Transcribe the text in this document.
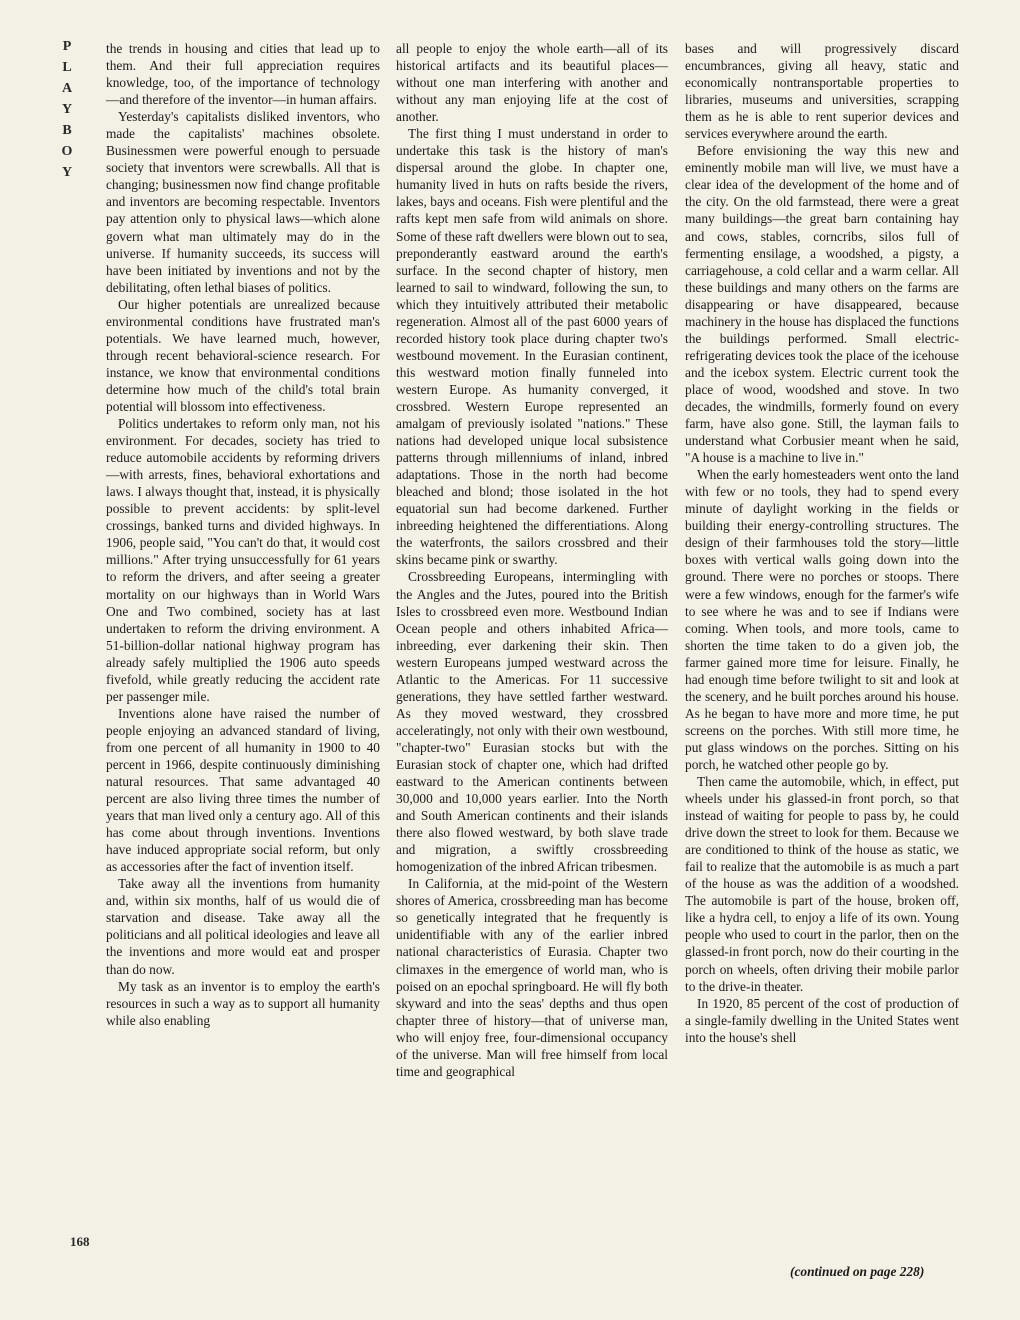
P
L
A
Y
B
O
Y

the trends in housing and cities that lead up to them. And their full appreciation requires knowledge, too, of the importance of technology—and therefore of the inventor—in human affairs.

Yesterday's capitalists disliked inventors, who made the capitalists' machines obsolete. Businessmen were powerful enough to persuade society that inventors were screwballs. All that is changing; businessmen now find change profitable and inventors are becoming respectable. Inventors pay attention only to physical laws—which alone govern what man ultimately may do in the universe. If humanity succeeds, its success will have been initiated by inventions and not by the debilitating, often lethal biases of politics.

Our higher potentials are unrealized because environmental conditions have frustrated man's potentials. We have learned much, however, through recent behavioral-science research. For instance, we know that environmental conditions determine how much of the child's total brain potential will blossom into effectiveness.

Politics undertakes to reform only man, not his environment. For decades, society has tried to reduce automobile accidents by reforming drivers—with arrests, fines, behavioral exhortations and laws. I always thought that, instead, it is physically possible to prevent accidents: by split-level crossings, banked turns and divided highways. In 1906, people said, "You can't do that, it would cost millions." After trying unsuccessfully for 61 years to reform the drivers, and after seeing a greater mortality on our highways than in World Wars One and Two combined, society has at last undertaken to reform the driving environment. A 51-billion-dollar national highway program has already safely multiplied the 1906 auto speeds fivefold, while greatly reducing the accident rate per passenger mile.

Inventions alone have raised the number of people enjoying an advanced standard of living, from one percent of all humanity in 1900 to 40 percent in 1966, despite continuously diminishing natural resources. That same advantaged 40 percent are also living three times the number of years that man lived only a century ago. All of this has come about through inventions. Inventions have induced appropriate social reform, but only as accessories after the fact of invention itself.

Take away all the inventions from humanity and, within six months, half of us would die of starvation and disease. Take away all the politicians and all political ideologies and leave all the inventions and more would eat and prosper than do now.

My task as an inventor is to employ the earth's resources in such a way as to support all humanity while also enabling

all people to enjoy the whole earth—all of its historical artifacts and its beautiful places—without one man interfering with another and without any man enjoying life at the cost of another.

The first thing I must understand in order to undertake this task is the history of man's dispersal around the globe. In chapter one, humanity lived in huts on rafts beside the rivers, lakes, bays and oceans. Fish were plentiful and the rafts kept men safe from wild animals on shore. Some of these raft dwellers were blown out to sea, preponderantly eastward around the earth's surface. In the second chapter of history, men learned to sail to windward, following the sun, to which they intuitively attributed their metabolic regeneration. Almost all of the past 6000 years of recorded history took place during chapter two's westbound movement. In the Eurasian continent, this westward motion finally funneled into western Europe. As humanity converged, it crossbred. Western Europe represented an amalgam of previously isolated "nations." These nations had developed unique local subsistence patterns through millenniums of inland, inbred adaptations. Those in the north had become bleached and blond; those isolated in the hot equatorial sun had become darkened. Further inbreeding heightened the differentiations. Along the waterfronts, the sailors crossbred and their skins became pink or swarthy.

Crossbreeding Europeans, intermingling with the Angles and the Jutes, poured into the British Isles to crossbreed even more. Westbound Indian Ocean people and others inhabited Africa—inbreeding, ever darkening their skin. Then western Europeans jumped westward across the Atlantic to the Americas. For 11 successive generations, they have settled farther westward. As they moved westward, they crossbred acceleratingly, not only with their own westbound, "chapter-two" Eurasian stocks but with the Eurasian stock of chapter one, which had drifted eastward to the American continents between 30,000 and 10,000 years earlier. Into the North and South American continents and their islands there also flowed westward, by both slave trade and migration, a swiftly crossbreeding homogenization of the inbred African tribesmen.

In California, at the mid-point of the Western shores of America, crossbreeding man has become so genetically integrated that he frequently is unidentifiable with any of the earlier inbred national characteristics of Eurasia. Chapter two climaxes in the emergence of world man, who is poised on an epochal springboard. He will fly both skyward and into the seas' depths and thus open chapter three of history—that of universe man, who will enjoy free, four-dimensional occupancy of the universe. Man will free himself from local time and geographical

bases and will progressively discard encumbrances, giving all heavy, static and economically nontransportable properties to libraries, museums and universities, scrapping them as he is able to rent superior devices and services everywhere around the earth.

Before envisioning the way this new and eminently mobile man will live, we must have a clear idea of the development of the home and of the city. On the old farmstead, there were a great many buildings—the great barn containing hay and cows, stables, corncribs, silos full of fermenting ensilage, a woodshed, a pigsty, a carriagehouse, a cold cellar and a warm cellar. All these buildings and many others on the farms are disappearing or have disappeared, because machinery in the house has displaced the functions the buildings performed. Small electric-refrigerating devices took the place of the icehouse and the icebox system. Electric current took the place of wood, woodshed and stove. In two decades, the windmills, formerly found on every farm, have also gone. Still, the layman fails to understand what Corbusier meant when he said, "A house is a machine to live in."

When the early homesteaders went onto the land with few or no tools, they had to spend every minute of daylight working in the fields or building their energy-controlling structures. The design of their farmhouses told the story—little boxes with vertical walls going down into the ground. There were no porches or stoops. There were a few windows, enough for the farmer's wife to see where he was and to see if Indians were coming. When tools, and more tools, came to shorten the time taken to do a given job, the farmer gained more time for leisure. Finally, he had enough time before twilight to sit and look at the scenery, and he built porches around his house. As he began to have more and more time, he put screens on the porches. With still more time, he put glass windows on the porches. Sitting on his porch, he watched other people go by.

Then came the automobile, which, in effect, put wheels under his glassed-in front porch, so that instead of waiting for people to pass by, he could drive down the street to look for them. Because we are conditioned to think of the house as static, we fail to realize that the automobile is as much a part of the house as was the addition of a woodshed. The automobile is part of the house, broken off, like a hydra cell, to enjoy a life of its own. Young people who used to court in the parlor, then on the glassed-in front porch, now do their courting in the porch on wheels, often driving their mobile parlor to the drive-in theater.

In 1920, 85 percent of the cost of production of a single-family dwelling in the United States went into the house's shell

168
(continued on page 228)
